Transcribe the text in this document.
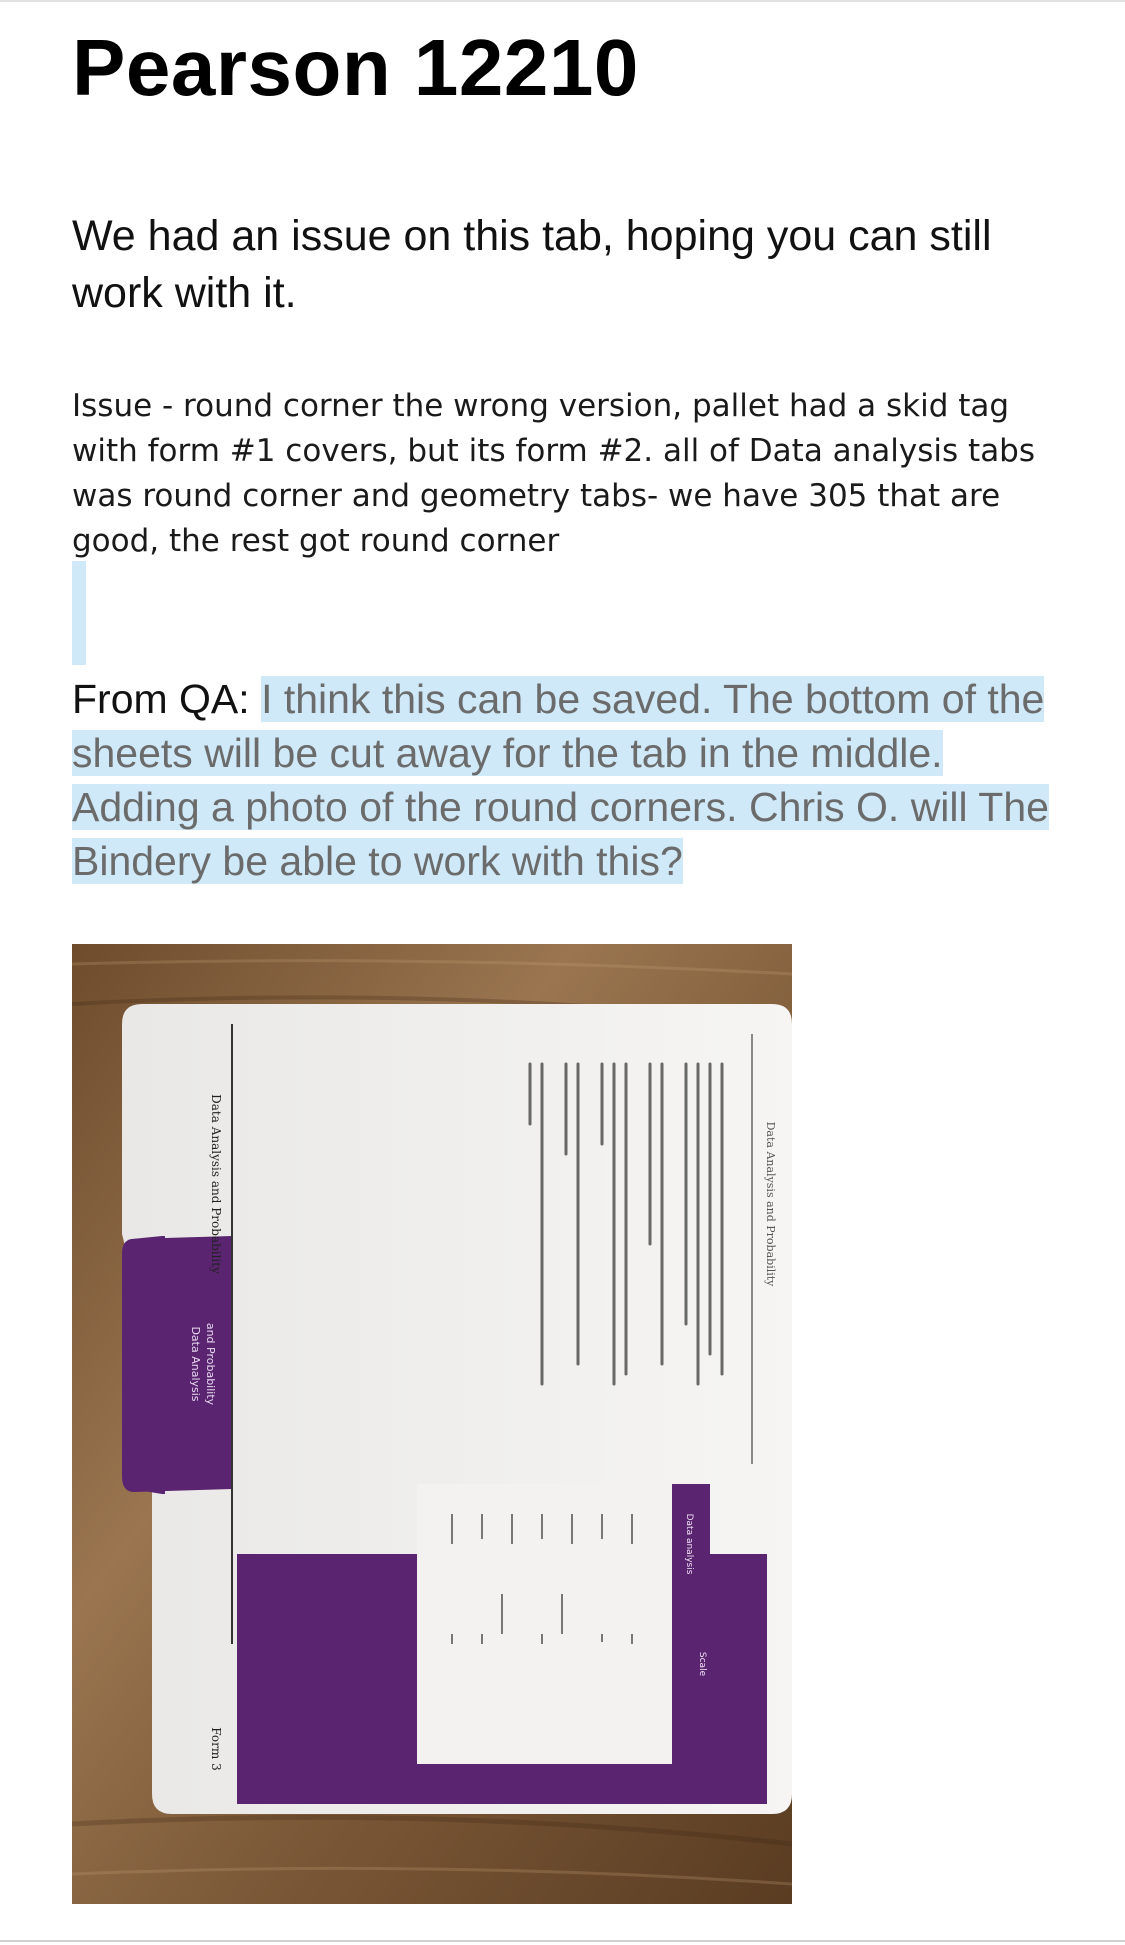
Pearson 12210

We had an issue on this tab, hoping you can still work with it.

Issue - round corner the wrong version, pallet had a skid tag with form #1 covers, but its form #2. all of Data analysis tabs was round corner and geometry tabs- we have 305 that are good, the rest got round corner

From QA: I think this can be saved. The bottom of the sheets will be cut away for the tab in the middle. Adding a photo of the round corners. Chris O. will The Bindery be able to work with this?

Data Analysis and Probability
Data analysis
Scale
Data Analysis and Probability	Data Analysis and Probability
Form 3
